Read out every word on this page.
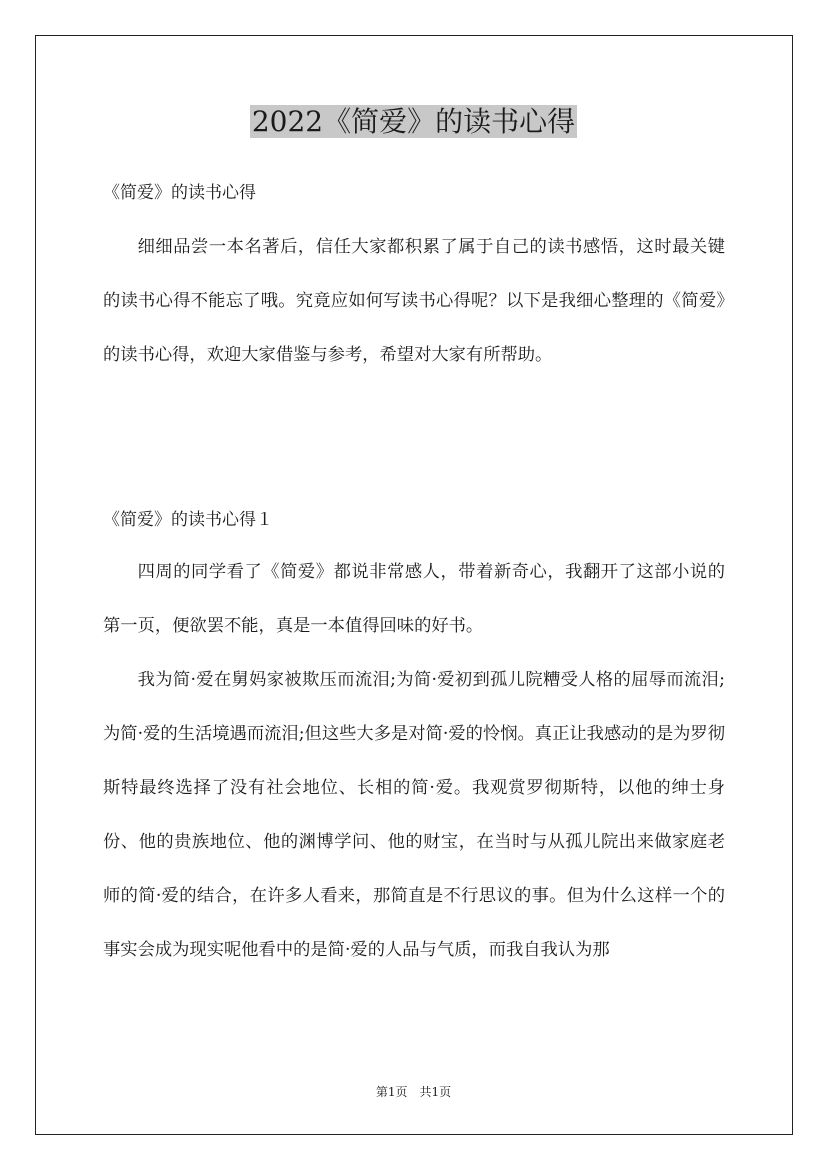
2022《简爱》的读书心得
《简爱》的读书心得

细细品尝一本名著后，信任大家都积累了属于自己的读书感悟，这时最关键的读书心得不能忘了哦。究竟应如何写读书心得呢？以下是我细心整理的《简爱》的读书心得，欢迎大家借鉴与参考，希望对大家有所帮助。

《简爱》的读书心得１

四周的同学看了《简爱》都说非常感人，带着新奇心，我翻开了这部小说的第一页，便欲罢不能，真是一本值得回味的好书。

我为简·爱在舅妈家被欺压而流泪;为简·爱初到孤儿院糟受人格的屈辱而流泪;为简·爱的生活境遇而流泪;但这些大多是对简·爱的怜悯。真正让我感动的是为罗彻斯特最终选择了没有社会地位、长相的简·爱。我观赏罗彻斯特，以他的绅士身份、他的贵族地位、他的渊博学问、他的财宝，在当时与从孤儿院出来做家庭老师的简·爱的结合，在许多人看来，那简直是不行思议的事。但为什么这样一个的事实会成为现实呢他看中的是简·爱的人品与气质，而我自我认为那

第1页　共1页
